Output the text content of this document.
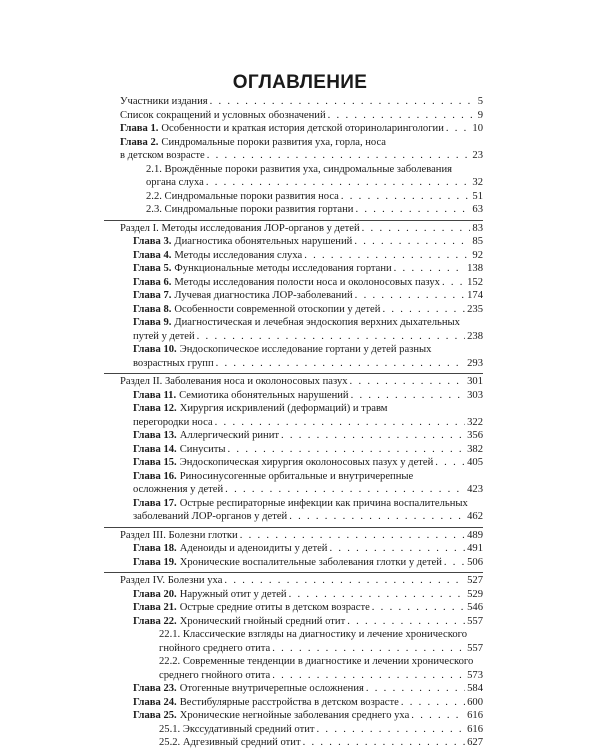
ОГЛАВЛЕНИЕ
Участники издания . . .	5
Список сокращений и условных обозначений . . .	9
Глава 1. Особенности и краткая история детской оториноларингологии . . .	10
Глава 2. Синдромальные пороки развития уха, горла, носа
в детском возрасте . . .	23
2.1. Врождённые пороки развития уха, синдромальные заболевания
органа слуха . . .	32
2.2. Синдромальные пороки развития носа . . .	51
2.3. Синдромальные пороки развития гортани . . .	63
Раздел I. Методы исследования ЛОР-органов у детей . . .	83
Глава 3. Диагностика обонятельных нарушений . . .	85
Глава 4. Методы исследования слуха . . .	92
Глава 5. Функциональные методы исследования гортани . . .	138
Глава 6. Методы исследования полости носа и околоносовых пазух . . .	152
Глава 7. Лучевая диагностика ЛОР-заболеваний . . .	174
Глава 8. Особенности современной отоскопии у детей . . .	235
Глава 9. Диагностическая и лечебная эндоскопия верхних дыхательных
путей у детей . . .	238
Глава 10. Эндоскопическое исследование гортани у детей разных
возрастных групп . . .	293
Раздел II. Заболевания носа и околоносовых пазух . . .	301
Глава 11. Семиотика обонятельных нарушений . . .	303
Глава 12. Хирургия искривлений (деформаций) и травм
перегородки носа . . .	322
Глава 13. Аллергический ринит . . .	356
Глава 14. Синуситы . . .	382
Глава 15. Эндоскопическая хирургия околоносовых пазух у детей . . .	405
Глава 16. Риносинусогенные орбитальные и внутричерепные
осложнения у детей . . .	423
Глава 17. Острые респираторные инфекции как причина воспалительных
заболеваний ЛОР-органов у детей . . .	462
Раздел III. Болезни глотки . . .	489
Глава 18. Аденоиды и аденоидиты у детей . . .	491
Глава 19. Хронические воспалительные заболевания глотки у детей . . . 506
Раздел IV. Болезни уха . . .	527
Глава 20. Наружный отит у детей . . .	529
Глава 21. Острые средние отиты в детском возрасте . . .	546
Глава 22. Хронический гнойный средний отит . . .	557
22.1. Классические взгляды на диагностику и лечение хронического
гнойного среднего отита . . .	557
22.2. Современные тенденции в диагностике и лечении хронического
среднего гнойного отита . . .	573
Глава 23. Отогенные внутричерепные осложнения . . .	584
Глава 24. Вестибулярные расстройства в детском возрасте . . .	600
Глава 25. Хронические негнойные заболевания среднего уха . . .	616
25.1. Экссудативный средний отит . . .	616
25.2. Адгезивный средний отит . . .	627
